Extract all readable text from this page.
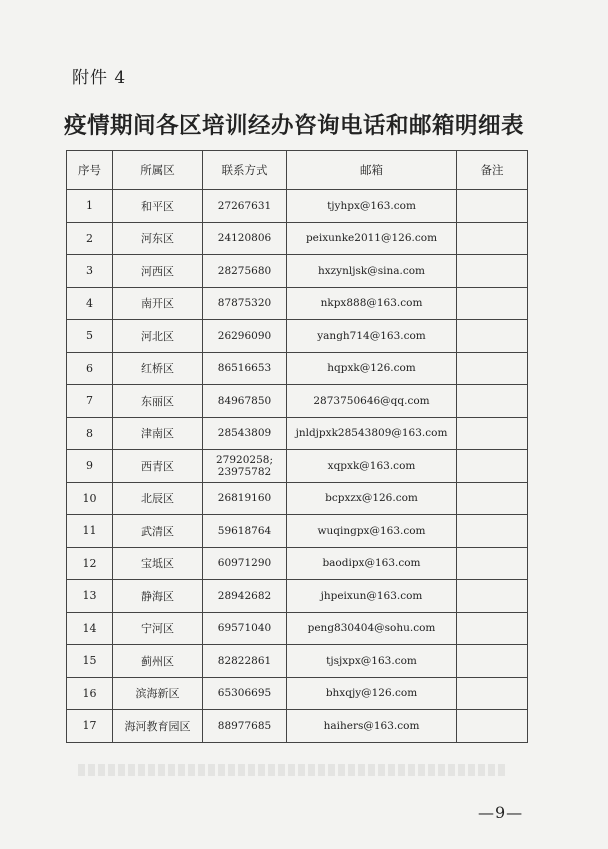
附件 4
疫情期间各区培训经办咨询电话和邮箱明细表
序号	所属区	联系方式	邮箱	备注
1	和平区	27267631	tjyhpx@163.com	
2	河东区	24120806	peixunke2011@126.com	
3	河西区	28275680	hxzynljsk@sina.com	
4	南开区	87875320	nkpx888@163.com	
5	河北区	26296090	yangh714@163.com	
6	红桥区	86516653	hqpxk@126.com	
7	东丽区	84967850	2873750646@qq.com	
8	津南区	28543809	jnldjpxk28543809@163.com	
9	西青区	27920258;
23975782	xqpxk@163.com	
10	北辰区	26819160	bcpxzx@126.com	
11	武清区	59618764	wuqingpx@163.com	
12	宝坻区	60971290	baodipx@163.com	
13	静海区	28942682	jhpeixun@163.com	
14	宁河区	69571040	peng830404@sohu.com	
15	蓟州区	82822861	tjsjxpx@163.com	
16	滨海新区	65306695	bhxqjy@126.com	
17	海河教育园区	88977685	haihers@163.com	
—9—
